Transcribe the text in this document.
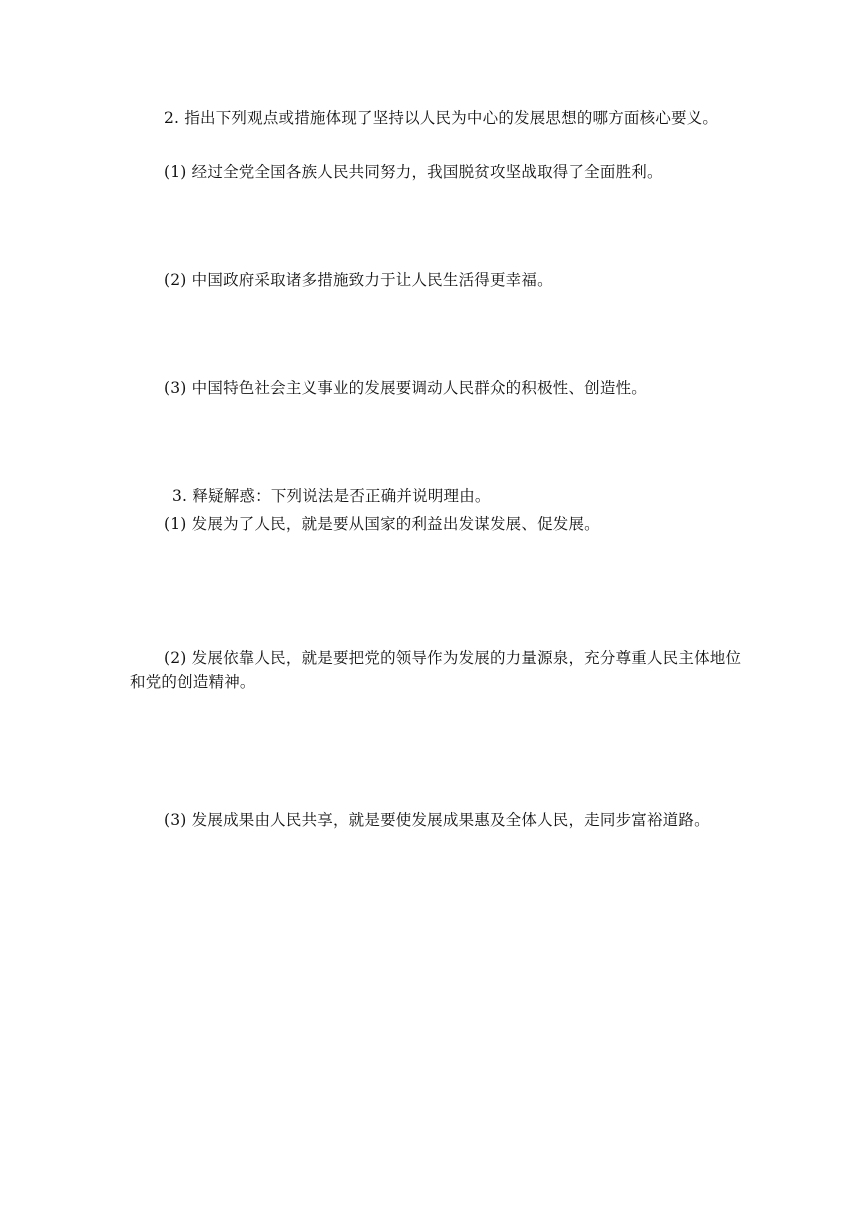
2. 指出下列观点或措施体现了坚持以人民为中心的发展思想的哪方面核心要义。
(1) 经过全党全国各族人民共同努力，我国脱贫攻坚战取得了全面胜利。
(2) 中国政府采取诸多措施致力于让人民生活得更幸福。
(3) 中国特色社会主义事业的发展要调动人民群众的积极性、创造性。
3. 释疑解惑：下列说法是否正确并说明理由。
(1) 发展为了人民，就是要从国家的利益出发谋发展、促发展。
(2) 发展依靠人民，就是要把党的领导作为发展的力量源泉，充分尊重人民主体地位和党的创造精神。
(3) 发展成果由人民共享，就是要使发展成果惠及全体人民，走同步富裕道路。
